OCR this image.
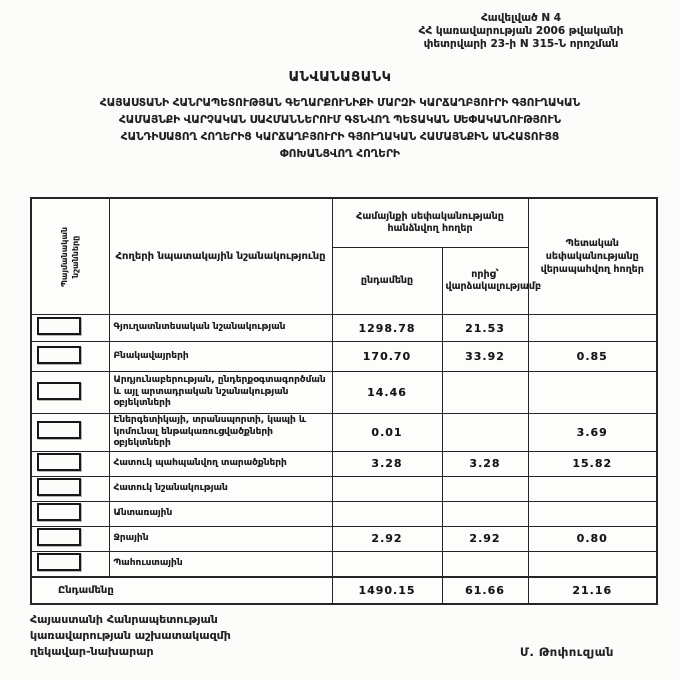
Հավելված N 4
ՀՀ կառավարության 2006 թվականի
փետրվարի 23-ի N 315-Ն որոշման
ԱՆՎԱՆԱՑԱՆԿ
ՀԱՅԱՍՏԱՆԻ ՀԱՆՐԱՊԵՏՈՒԹՅԱՆ ԳԵՂԱՐՔՈՒՆԻՔԻ ՄԱՐԶԻ ԿԱՐՃԱՂԲՅՈՒՐԻ ԳՅՈՒՂԱԿԱՆ
ՀԱՄԱՅՆՔԻ ՎԱՐՉԱԿԱՆ ՍԱՀՄԱՆՆԵՐՈՒՄ ԳՏՆՎՈՂ ՊԵՏԱԿԱՆ ՍԵՓԱԿԱՆՈՒԹՅՈՒՆ
ՀԱՆԴԻՍԱՑՈՂ ՀՈՂԵՐԻՑ ԿԱՐՃԱՂԲՅՈՒՐԻ ԳՅՈՒՂԱԿԱՆ ՀԱՄԱՅՆՔԻՆ ԱՆՀԱՏՈՒՅՑ
ՓՈԽԱՆՑՎՈՂ ՀՈՂԵՐԻ
Պայմանական նշանները	Հողերի նպատակային նշանակությունը	Համայնքի սեփականությանը հանձնվող հողեր		Պետական սեփականությանը վերապահվող հողեր
		ընդամենը	որից՝ վարձակալությամբ	
	Գյուղատնտեսական նշանակության	1298.78	21.53	
	Բնակավայրերի	170.70	33.92	0.85
	Արդյունաբերության, ընդերքօգտագործման և այլ արտադրական նշանակության օբյեկտների	14.46		
	Էներգետիկայի, տրանսպորտի, կապի և կոմունալ ենթակառուցվածքների օբյեկտների	0.01		3.69
	Հատուկ պահպանվող տարածքների	3.28	3.28	15.82
	Հատուկ նշանակության			
	Անտառային			
	Ջրային	2.92	2.92	0.80
	Պահուստային			
Ընդամենը		1490.15	61.66	21.16
Հայաստանի Հանրապետության
կառավարության աշխատակազմի
ղեկավար-նախարար	Մ. Թոփուզյան
